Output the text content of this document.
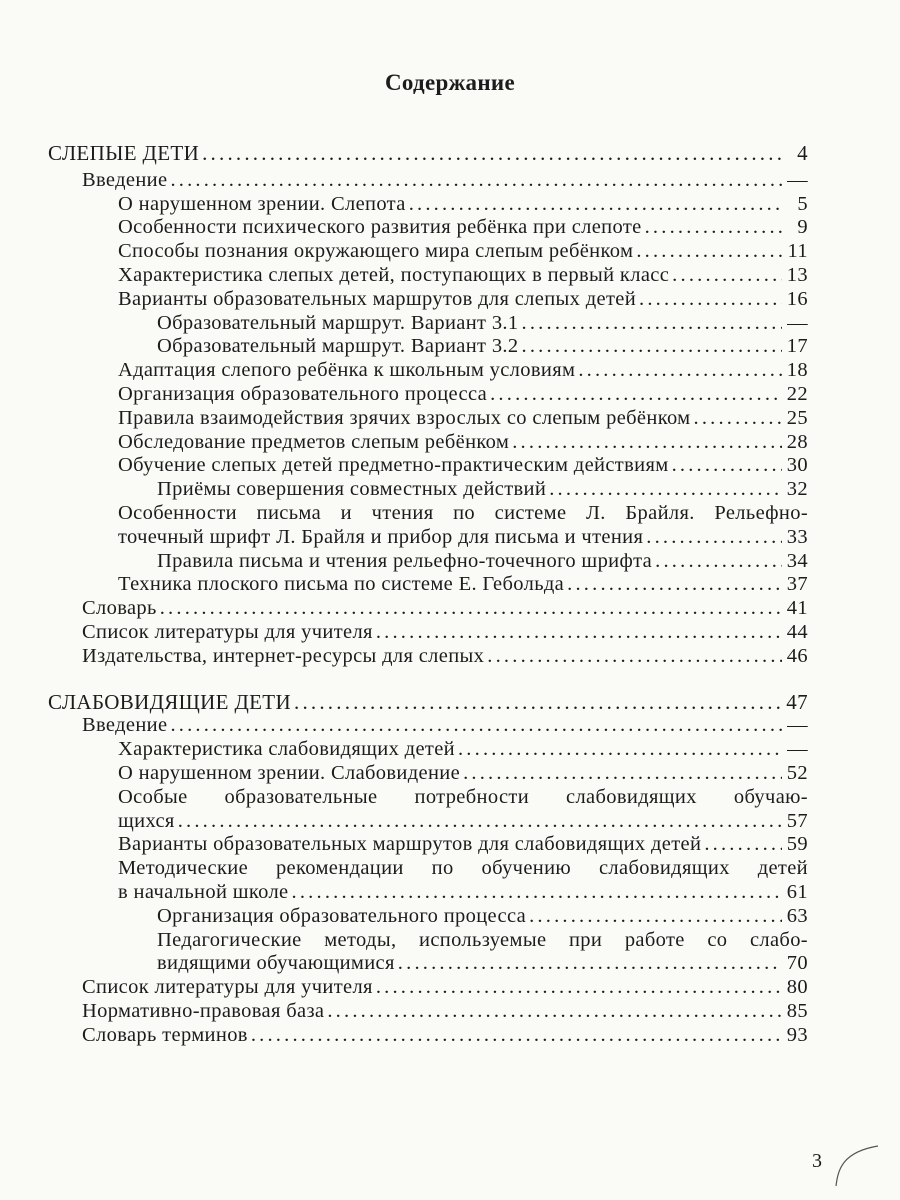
Содержание
СЛЕПЫЕ ДЕТИ .....	4
Введение .....	—
О нарушенном зрении. Слепота .....	5
Особенности психического развития ребёнка при слепоте .....	9
Способы познания окружающего мира слепым ребёнком .....	11
Характеристика слепых детей, поступающих в первый класс .....	13
Варианты образовательных маршрутов для слепых детей .....	16
Образовательный маршрут. Вариант 3.1 .....	—
Образовательный маршрут. Вариант 3.2 .....	17
Адаптация слепого ребёнка к школьным условиям .....	18
Организация образовательного процесса .....	22
Правила взаимодействия зрячих взрослых со слепым ребёнком .....	25
Обследование предметов слепым ребёнком .....	28
Обучение слепых детей предметно-практическим действиям .....	30
Приёмы совершения совместных действий .....	32
Особенности письма и чтения по системе Л. Брайля. Рельефно-
точечный шрифт Л. Брайля и прибор для письма и чтения .....	33
Правила письма и чтения рельефно-точечного шрифта .....	34
Техника плоского письма по системе Е. Гебольда .....	37
Словарь .....	41
Список литературы для учителя .....	44
Издательства, интернет-ресурсы для слепых .....	46
СЛАБОВИДЯЩИЕ ДЕТИ .....	47
Введение .....	—
Характеристика слабовидящих детей .....	—
О нарушенном зрении. Слабовидение .....	52
Особые образовательные потребности слабовидящих обучаю-
щихся .....	57
Варианты образовательных маршрутов для слабовидящих детей .....	59
Методические рекомендации по обучению слабовидящих детей
в начальной школе .....	61
Организация образовательного процесса .....	63
Педагогические методы, используемые при работе со слабо-
видящими обучающимися .....	70
Список литературы для учителя .....	80
Нормативно-правовая база .....	85
Словарь терминов .....	93
3
